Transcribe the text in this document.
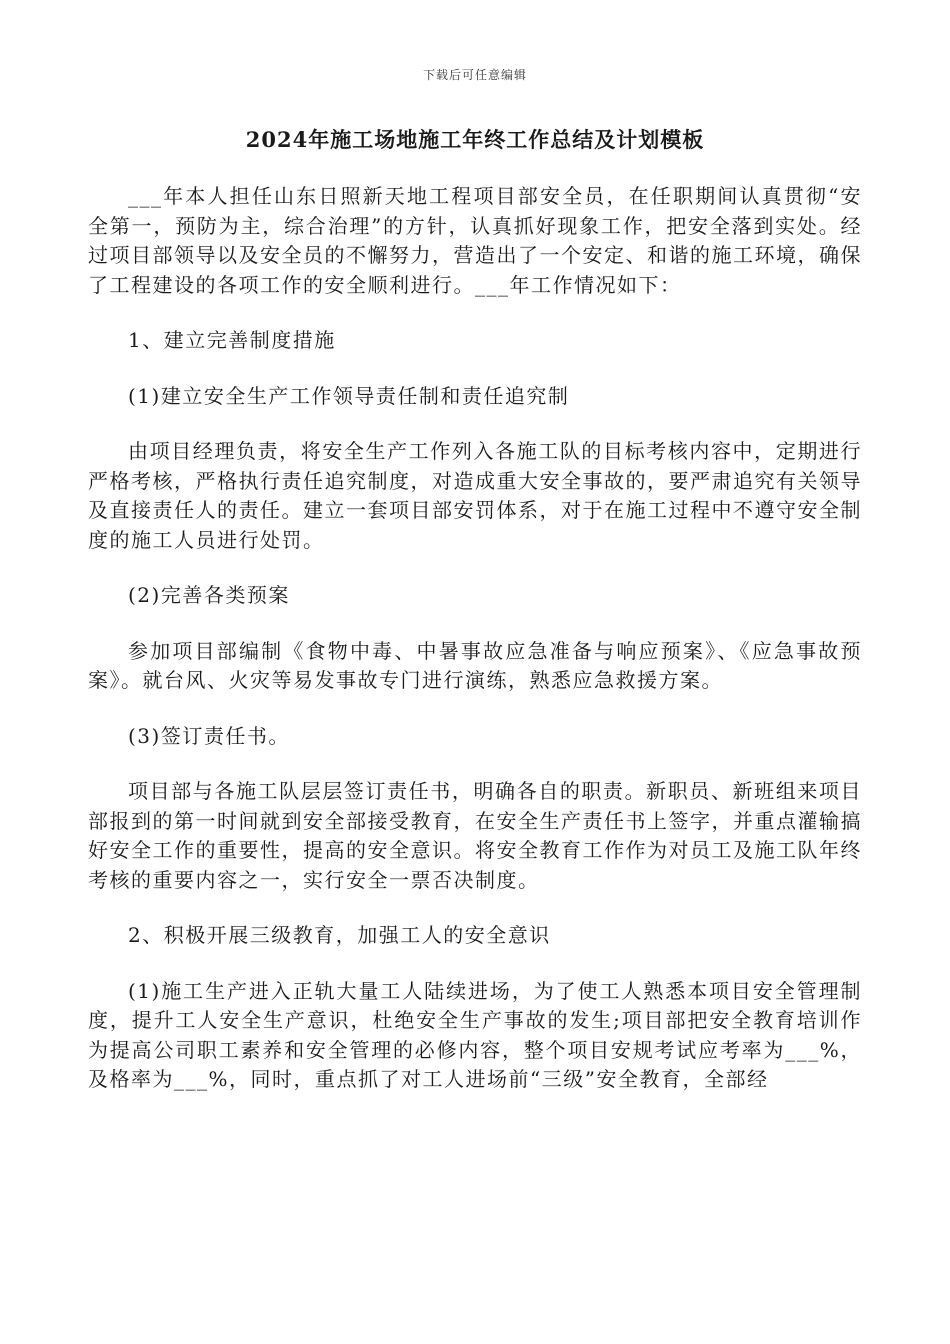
下载后可任意编辑
2024年施工场地施工年终工作总结及计划模板

___年本人担任山东日照新天地工程项目部安全员，在任职期间认真贯彻“安全第一，预防为主，综合治理”的方针，认真抓好现象工作，把安全落到实处。经过项目部领导以及安全员的不懈努力，营造出了一个安定、和谐的施工环境，确保了工程建设的各项工作的安全顺利进行。___年工作情况如下：

1、建立完善制度措施

(1)建立安全生产工作领导责任制和责任追究制

由项目经理负责，将安全生产工作列入各施工队的目标考核内容中，定期进行严格考核，严格执行责任追究制度，对造成重大安全事故的，要严肃追究有关领导及直接责任人的责任。建立一套项目部安罚体系，对于在施工过程中不遵守安全制度的施工人员进行处罚。

(2)完善各类预案

参加项目部编制《食物中毒、中暑事故应急准备与响应预案》、《应急事故预案》。就台风、火灾等易发事故专门进行演练，熟悉应急救援方案。

(3)签订责任书。

项目部与各施工队层层签订责任书，明确各自的职责。新职员、新班组来项目部报到的第一时间就到安全部接受教育，在安全生产责任书上签字，并重点灌输搞好安全工作的重要性，提高的安全意识。将安全教育工作作为对员工及施工队年终考核的重要内容之一，实行安全一票否决制度。

2、积极开展三级教育，加强工人的安全意识

(1)施工生产进入正轨大量工人陆续进场，为了使工人熟悉本项目安全管理制度，提升工人安全生产意识，杜绝安全生产事故的发生;项目部把安全教育培训作为提高公司职工素养和安全管理的必修内容，整个项目安规考试应考率为___%，及格率为___%，同时，重点抓了对工人进场前“三级”安全教育，全部经
